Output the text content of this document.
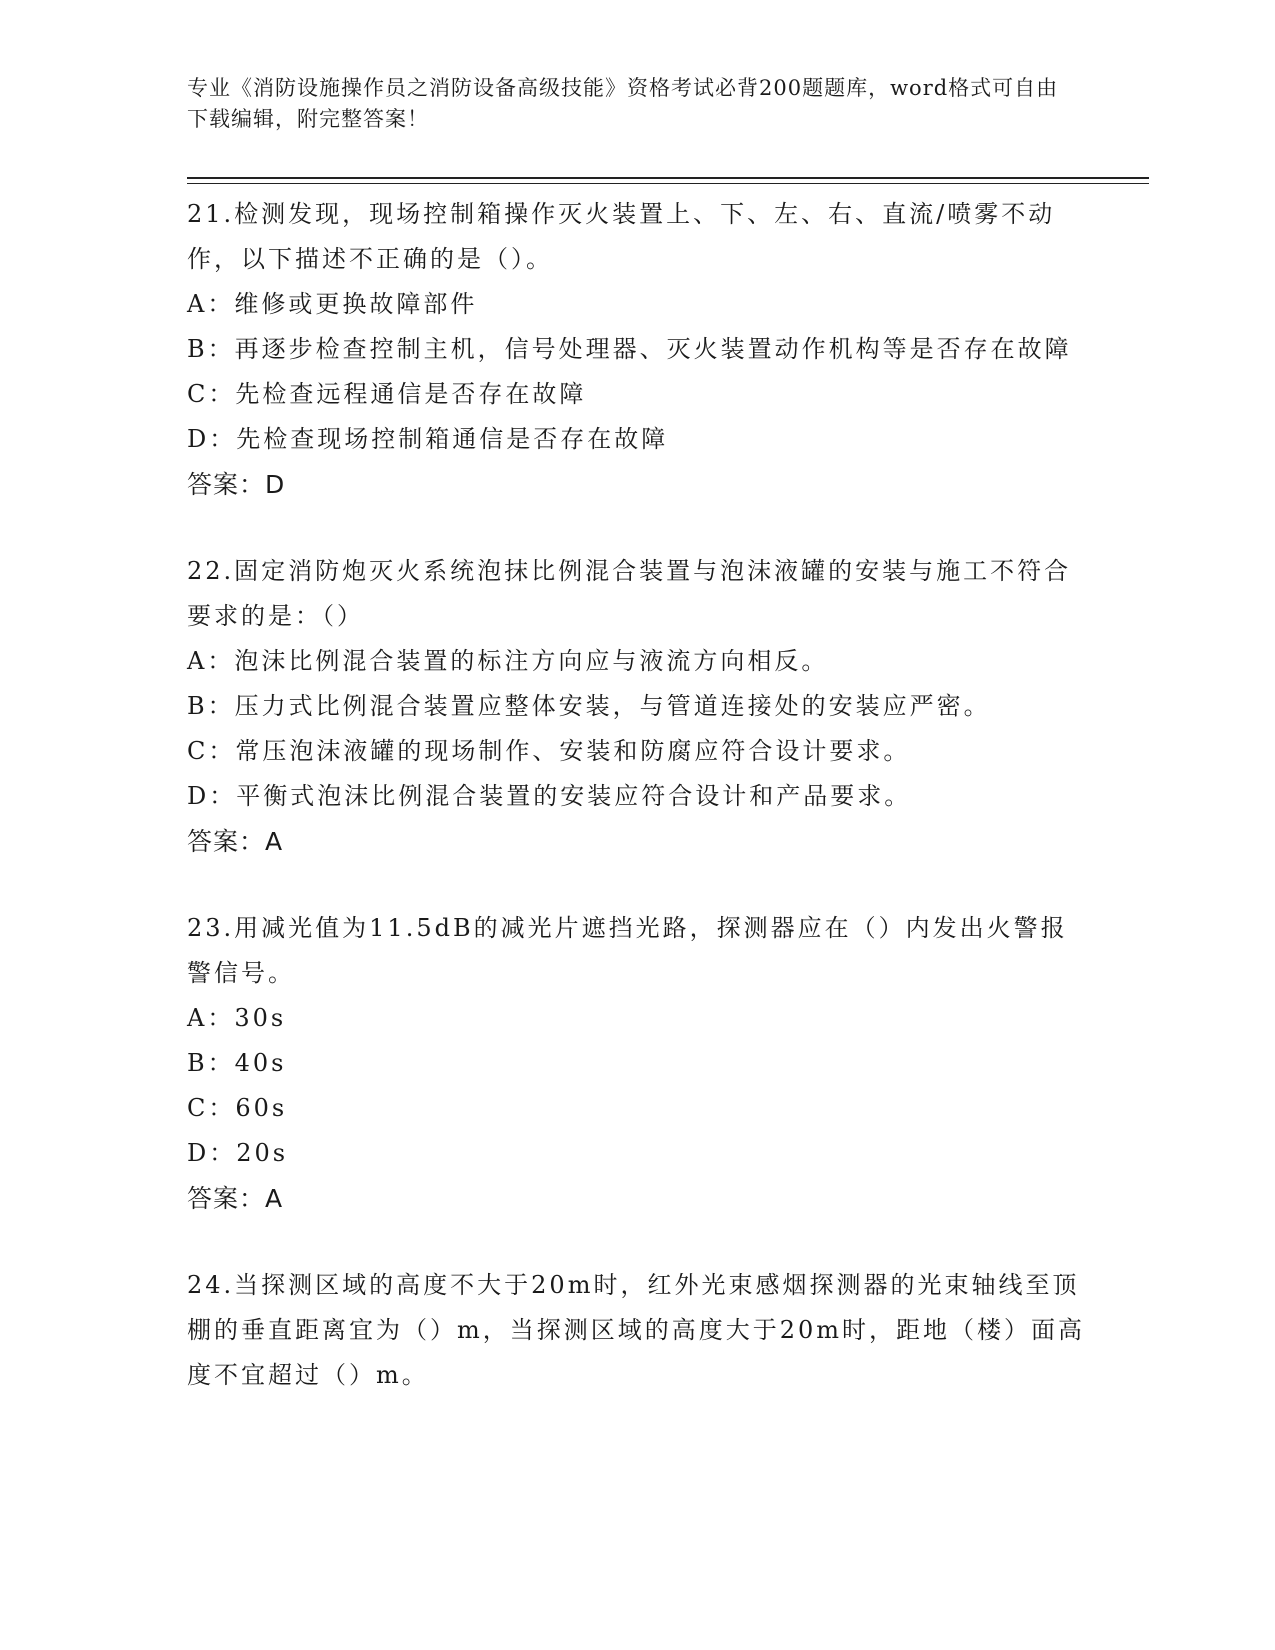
专业《消防设施操作员之消防设备高级技能》资格考试必背200题题库，word格式可自由下载编辑，附完整答案！
21.检测发现，现场控制箱操作灭火装置上、下、左、右、直流/喷雾不动作，以下描述不正确的是（）。
A：维修或更换故障部件
B：再逐步检查控制主机，信号处理器、灭火装置动作机构等是否存在故障
C：先检查远程通信是否存在故障
D：先检查现场控制箱通信是否存在故障
答案：D
22.固定消防炮灭火系统泡抹比例混合装置与泡沫液罐的安装与施工不符合要求的是：（）
A：泡沫比例混合装置的标注方向应与液流方向相反。
B：压力式比例混合装置应整体安装，与管道连接处的安装应严密。
C：常压泡沫液罐的现场制作、安装和防腐应符合设计要求。
D：平衡式泡沫比例混合装置的安装应符合设计和产品要求。
答案：A
23.用减光值为11.5dB的减光片遮挡光路，探测器应在（）内发出火警报警信号。
A：30s
B：40s
C：60s
D：20s
答案：A
24.当探测区域的高度不大于20m时，红外光束感烟探测器的光束轴线至顶棚的垂直距离宜为（）m，当探测区域的高度大于20m时，距地（楼）面高度不宜超过（）m。
